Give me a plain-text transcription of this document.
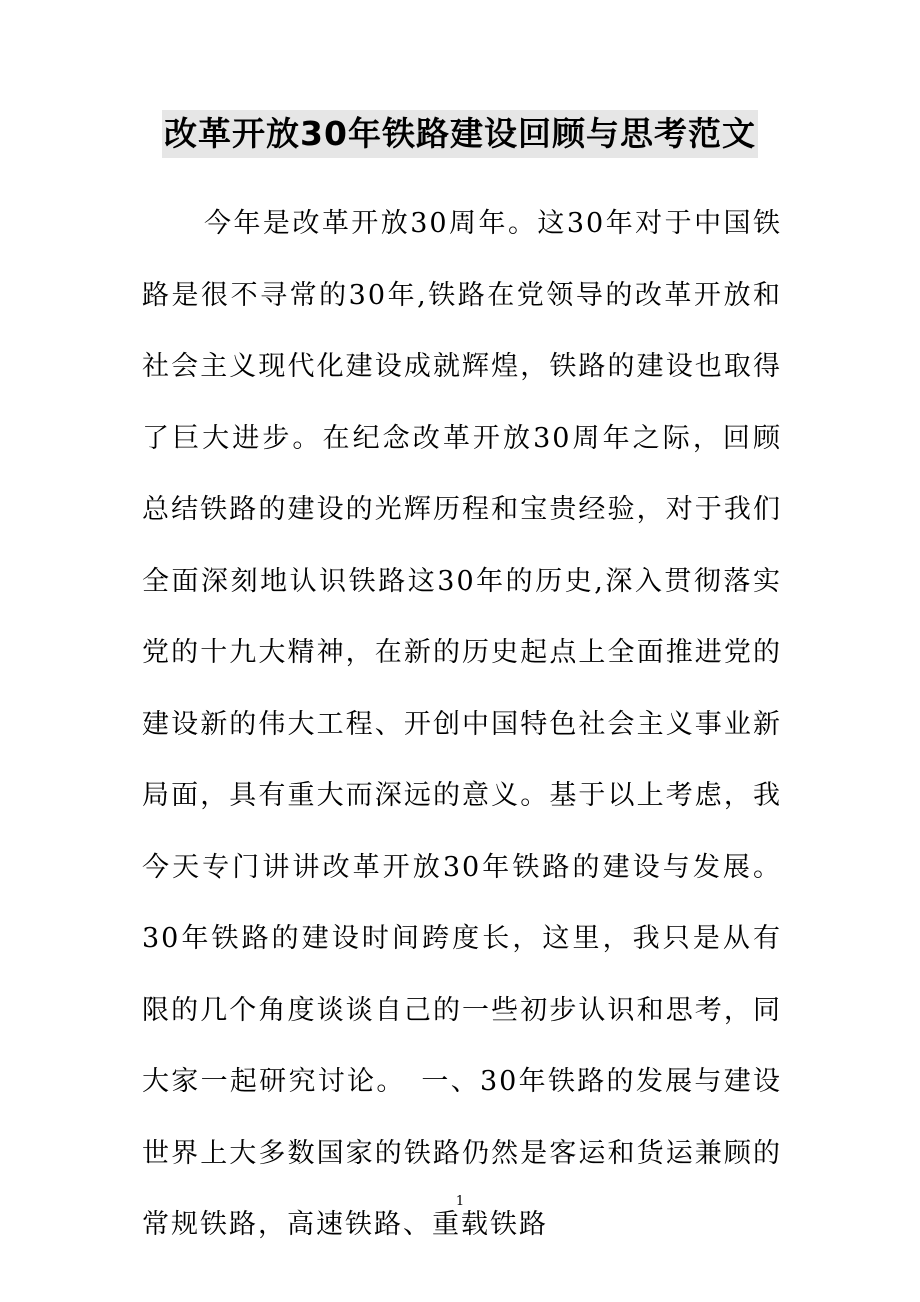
改革开放30年铁路建设回顾与思考范文

今年是改革开放30周年。这30年对于中国铁路是很不寻常的30年,铁路在党领导的改革开放和社会主义现代化建设成就辉煌，铁路的建设也取得了巨大进步。在纪念改革开放30周年之际，回顾总结铁路的建设的光辉历程和宝贵经验，对于我们全面深刻地认识铁路这30年的历史,深入贯彻落实党的十九大精神，在新的历史起点上全面推进党的建设新的伟大工程、开创中国特色社会主义事业新局面，具有重大而深远的意义。基于以上考虑，我今天专门讲讲改革开放30年铁路的建设与发展。30年铁路的建设时间跨度长，这里，我只是从有限的几个角度谈谈自己的一些初步认识和思考，同大家一起研究讨论。　一、30年铁路的发展与建设　世界上大多数国家的铁路仍然是客运和货运兼顾的常规铁路，高速铁路、重载铁路

1
